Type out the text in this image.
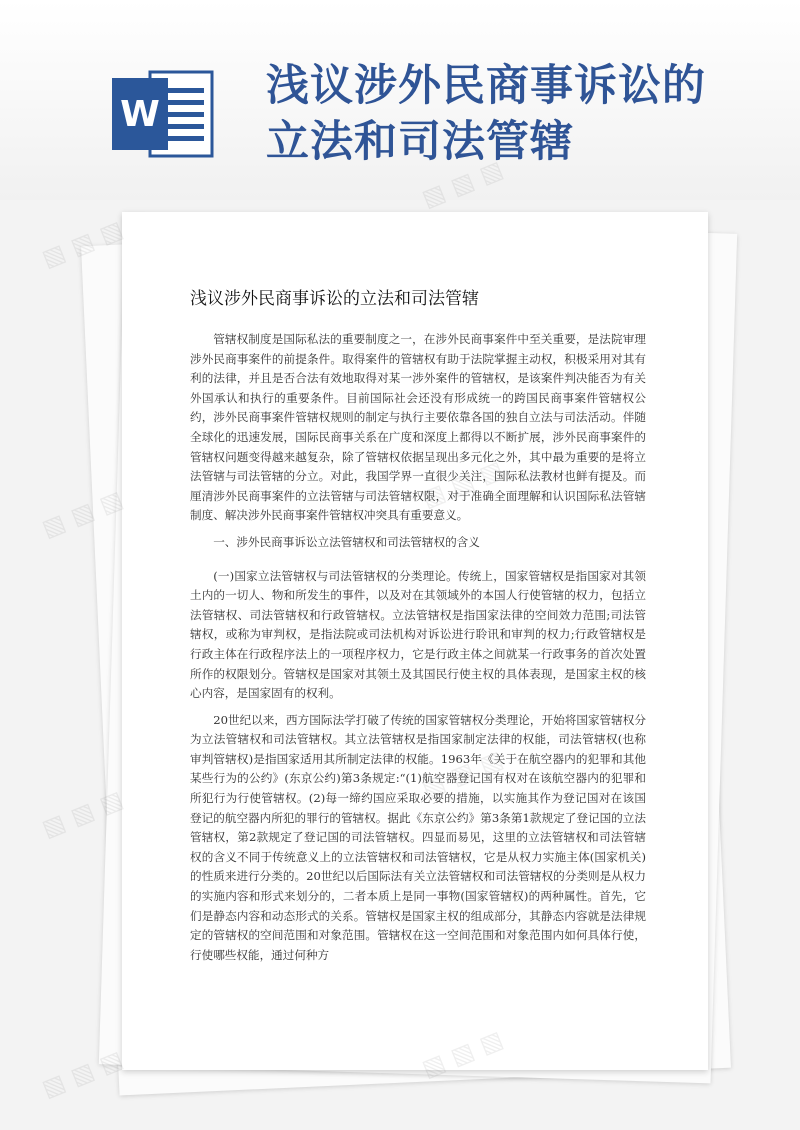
W
浅议涉外民商事诉讼的
立法和司法管辖
浅议涉外民商事诉讼的立法和司法管辖

管辖权制度是国际私法的重要制度之一，在涉外民商事案件中至关重要，是法院审理涉外民商事案件的前提条件。取得案件的管辖权有助于法院掌握主动权，积极采用对其有利的法律，并且是否合法有效地取得对某一涉外案件的管辖权，是该案件判决能否为有关外国承认和执行的重要条件。目前国际社会还没有形成统一的跨国民商事案件管辖权公约，涉外民商事案件管辖权规则的制定与执行主要依靠各国的独自立法与司法活动。伴随全球化的迅速发展，国际民商事关系在广度和深度上都得以不断扩展，涉外民商事案件的管辖权问题变得越来越复杂，除了管辖权依据呈现出多元化之外，其中最为重要的是将立法管辖与司法管辖的分立。对此，我国学界一直很少关注，国际私法教材也鲜有提及。而厘清涉外民商事案件的立法管辖与司法管辖权限，对于准确全面理解和认识国际私法管辖制度、解决涉外民商事案件管辖权冲突具有重要意义。

一、涉外民商事诉讼立法管辖权和司法管辖权的含义

(一)国家立法管辖权与司法管辖权的分类理论。传统上，国家管辖权是指国家对其领土内的一切人、物和所发生的事件，以及对在其领域外的本国人行使管辖的权力，包括立法管辖权、司法管辖权和行政管辖权。立法管辖权是指国家法律的空间效力范围;司法管辖权，或称为审判权，是指法院或司法机构对诉讼进行聆讯和审判的权力;行政管辖权是行政主体在行政程序法上的一项程序权力，它是行政主体之间就某一行政事务的首次处置所作的权限划分。管辖权是国家对其领土及其国民行使主权的具体表现，是国家主权的核心内容，是国家固有的权利。

20世纪以来，西方国际法学打破了传统的国家管辖权分类理论，开始将国家管辖权分为立法管辖权和司法管辖权。其立法管辖权是指国家制定法律的权能，司法管辖权(也称审判管辖权)是指国家适用其所制定法律的权能。1963年《关于在航空器内的犯罪和其他某些行为的公约》(东京公约)第3条规定:“(1)航空器登记国有权对在该航空器内的犯罪和所犯行为行使管辖权。(2)每一缔约国应采取必要的措施，以实施其作为登记国对在该国登记的航空器内所犯的罪行的管辖权。据此《东京公约》第3条第1款规定了登记国的立法管辖权，第2款规定了登记国的司法管辖权。四显而易见，这里的立法管辖权和司法管辖权的含义不同于传统意义上的立法管辖权和司法管辖权，它是从权力实施主体(国家机关)的性质来进行分类的。20世纪以后国际法有关立法管辖权和司法管辖权的分类则是从权力的实施内容和形式来划分的，二者本质上是同一事物(国家管辖权)的两种属性。首先，它们是静态内容和动态形式的关系。管辖权是国家主权的组成部分，其静态内容就是法律规定的管辖权的空间范围和对象范围。管辖权在这一空间范围和对象范围内如何具体行使，行使哪些权能，通过何种方

▧ ▧ ▧
▧ ▧ ▧
▧ ▧ ▧
▧ ▧ ▧
